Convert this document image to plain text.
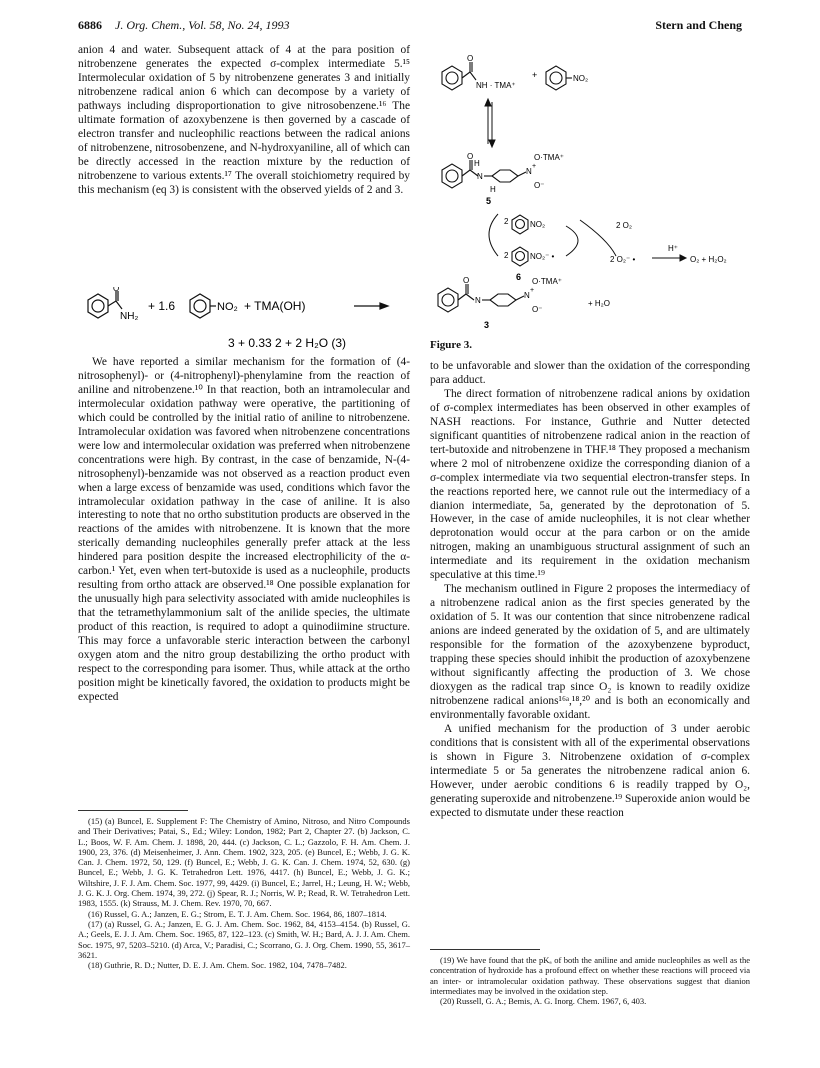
6886 J. Org. Chem., Vol. 58, No. 24, 1993	Stern and Cheng

anion 4 and water. Subsequent attack of 4 at the para position of nitrobenzene generates the expected σ-complex intermediate 5.¹⁵ Intermolecular oxidation of 5 by nitrobenzene generates 3 and initially nitrobenzene radical anion 6 which can decompose by a variety of pathways including disproportionation to give nitrosobenzene.¹⁶ The ultimate formation of azoxybenzene is then governed by a cascade of electron transfer and nucleophilic reactions between the radical anions of nitrobenzene, nitrosobenzene, and N-hydroxyaniline, all of which can be directly accessed in the reaction mixture by the reduction of nitrobenzene to various extents.¹⁷ The overall stoichiometry required by this mechanism (eq 3) is consistent with the observed yields of 2 and 3.

O
NH₂
+ 1.6	NO₂ + TMA(OH)
3 + 0.33 2 + 2 H₂O (3)

We have reported a similar mechanism for the formation of (4-nitrosophenyl)- or (4-nitrophenyl)-phenylamine from the reaction of aniline and nitrobenzene.¹⁰ In that reaction, both an intramolecular and intermolecular oxidation pathway were operative, the partitioning of which could be controlled by the initial ratio of aniline to nitrobenzene. Intramolecular oxidation was favored when nitrobenzene concentrations were low and intermolecular oxidation was preferred when nitrobenzene concentrations were high. By contrast, in the case of benzamide, N-(4-nitrosophenyl)-benzamide was not observed as a reaction product even when a large excess of benzamide was used, conditions which favor the intramolecular oxidation pathway in the case of aniline. It is also interesting to note that no ortho substitution products are observed in the reactions of the amides with nitrobenzene. It is known that the more sterically demanding nucleophiles generally prefer attack at the less hindered para position despite the increased electrophilicity of the α-carbon.¹ Yet, even when tert-butoxide is used as a nucleophile, products resulting from ortho attack are observed.¹⁸ One possible explanation for the unusually high para selectivity associated with amide nucleophiles is that the tetramethylammonium salt of the anilide species, the ultimate product of this reaction, is required to adopt a quinodiimine structure. This may force a unfavorable steric interaction between the carbonyl oxygen atom and the nitro group destabilizing the ortho product with respect to the corresponding para isomer. Thus, while attack at the ortho position might be kinetically favored, the oxidation to products might be expected

(15) (a) Buncel, E. Supplement F: The Chemistry of Amino, Nitroso, and Nitro Compounds and Their Derivatives; Patai, S., Ed.; Wiley: London, 1982; Part 2, Chapter 27. (b) Jackson, C. L.; Boos, W. F. Am. Chem. J. 1898, 20, 444. (c) Jackson, C. L.; Gazzolo, F. H. Am. Chem. J. 1900, 23, 376. (d) Meisenheimer, J. Ann. Chem. 1902, 323, 205. (e) Buncel, E.; Webb, J. G. K. Can. J. Chem. 1972, 50, 129. (f) Buncel, E.; Webb, J. G. K. Can. J. Chem. 1974, 52, 630. (g) Buncel, E.; Webb, J. G. K. Tetrahedron Lett. 1976, 4417. (h) Buncel, E.; Webb, J. G. K.; Wiltshire, J. F. J. Am. Chem. Soc. 1977, 99, 4429. (i) Buncel, E.; Jarrel, H.; Leung, H. W.; Webb, J. G. K. J. Org. Chem. 1974, 39, 272. (j) Spear, R. J.; Norris, W. P.; Read, R. W. Tetrahedron Lett. 1983, 1555. (k) Strauss, M. J. Chem. Rev. 1970, 70, 667.

(16) Russel, G. A.; Janzen, E. G.; Strom, E. T. J. Am. Chem. Soc. 1964, 86, 1807–1814.

(17) (a) Russel, G. A.; Janzen, E. G. J. Am. Chem. Soc. 1962, 84, 4153–4154. (b) Russel, G. A.; Geels, E. J. J. Am. Chem. Soc. 1965, 87, 122–123. (c) Smith, W. H.; Bard, A. J. J. Am. Chem. Soc. 1975, 97, 5203–5210. (d) Arca, V.; Paradisi, C.; Scorrano, G. J. Org. Chem. 1990, 55, 3617–3621.

(18) Guthrie, R. D.; Nutter, D. E. J. Am. Chem. Soc. 1982, 104, 7478–7482.

O
NH · TMA⁺
+	NO₂
O
H
N
H
N
+
O·TMA⁺
O⁻
5
2	NO₂
2	NO₂⁻ •
6
2 O₂
2 O₂⁻ •
H⁺
O₂ + H₂O₂
O
N
N
+
O·TMA⁺
O⁻
+ H₂O
3
Figure 3.

to be unfavorable and slower than the oxidation of the corresponding para adduct.

The direct formation of nitrobenzene radical anions by oxidation of σ-complex intermediates has been observed in other examples of NASH reactions. For instance, Guthrie and Nutter detected significant quantities of nitrobenzene radical anion in the reaction of tert-butoxide and nitrobenzene in THF.¹⁸ They proposed a mechanism where 2 mol of nitrobenzene oxidize the corresponding dianion of a σ-complex intermediate via two sequential electron-transfer steps. In the reactions reported here, we cannot rule out the intermediacy of a dianion intermediate, 5a, generated by the deprotonation of 5. However, in the case of amide nucleophiles, it is not clear whether deprotonation would occur at the para carbon or on the amide nitrogen, making an unambiguous structural assignment of such an intermediate and its requirement in the oxidation mechanism speculative at this time.¹⁹

The mechanism outlined in Figure 2 proposes the intermediacy of a nitrobenzene radical anion as the first species generated by the oxidation of 5. It was our contention that since nitrobenzene radical anions are indeed generated by the oxidation of 5, and are ultimately responsible for the formation of the azoxybenzene byproduct, trapping these species should inhibit the production of azoxybenzene without significantly affecting the production of 3. We chose dioxygen as the radical trap since O₂ is known to readily oxidize nitrobenzene radical anions¹⁶ᵃ,¹⁸,²⁰ and is both an economically and environmentally favorable oxidant.

A unified mechanism for the production of 3 under aerobic conditions that is consistent with all of the experimental observations is shown in Figure 3. Nitrobenzene oxidation of σ-complex intermediate 5 or 5a generates the nitrobenzene radical anion 6. However, under aerobic conditions 6 is readily trapped by O₂, generating superoxide and nitrobenzene.¹⁹ Superoxide anion would be expected to dismutate under these reaction

(19) We have found that the pKₐ of both the aniline and amide nucleophiles as well as the concentration of hydroxide has a profound effect on whether these reactions will proceed via an inter- or intramolecular oxidation pathway. These observations suggest that dianion intermediates may be involved in the oxidation step.

(20) Russell, G. A.; Bemis, A. G. Inorg. Chem. 1967, 6, 403.
